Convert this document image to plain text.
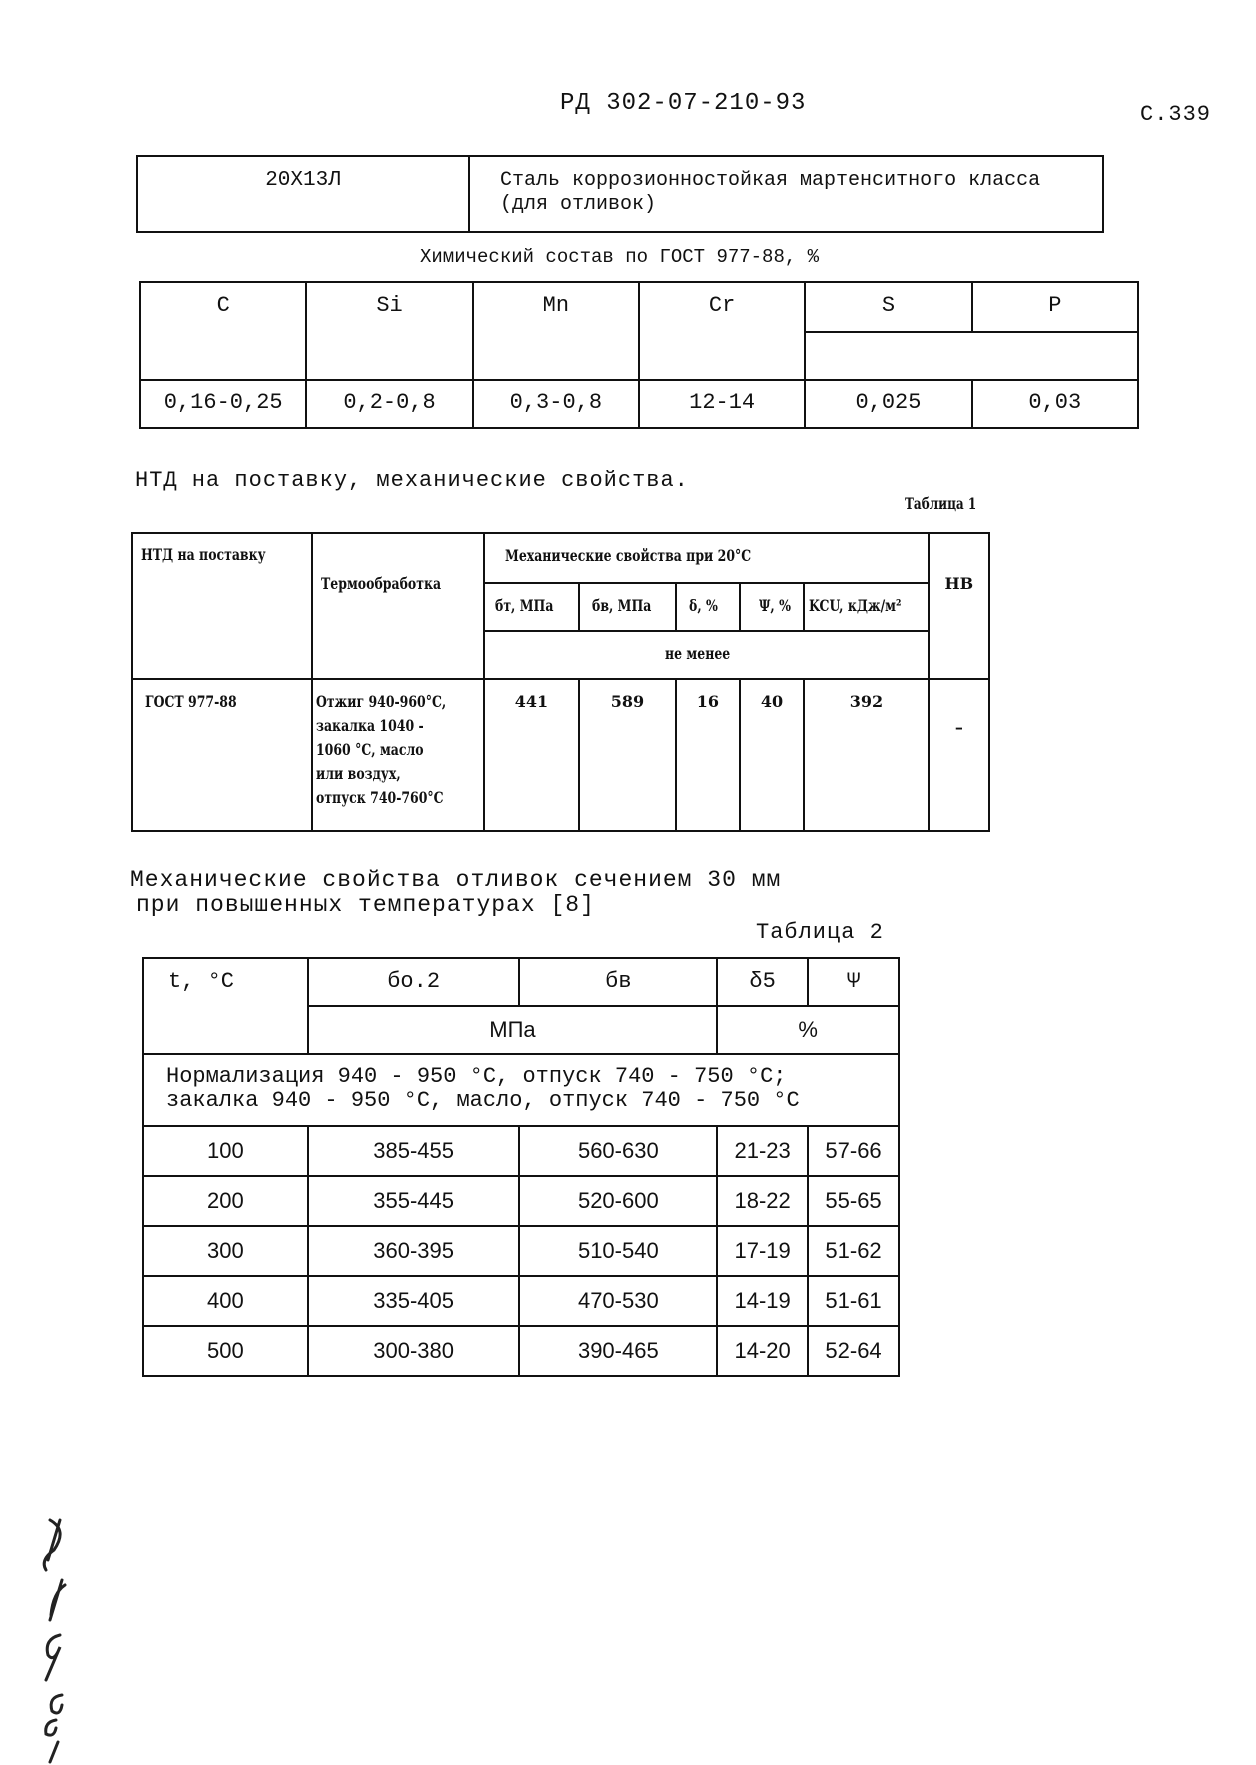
РД 302-07-210-93	С.339
20Х13Л	Сталь коррозионностойкая мартенситного класса
(для отливок)
Химический состав по ГОСТ 977-88, %
C	Si	Mn	Cr	S	P

0,16-0,25	0,2-0,8	0,3-0,8	12-14	0,025	0,03
НТД на поставку, механические свойства.
Таблица 1
НТД на поставку	Термообработка	Механические свойства при 20°С					НВ

		бт, МПа	бв, МПа	δ, %	Ψ, %	KCU, кДж/м²	

		не менее					

ГОСТ 977-88	Отжиг 940-960°С,
закалка 1040 -
1060 °С, масло
или воздух,
отпуск 740-760°С	441	589	16	40	392	–
Механические свойства отливок сечением 30 мм
при повышенных температурах [8]
Таблица 2
t, °С	бо.2	бв	δ5	Ψ

	МПа		%	

Нормализация 940 - 950 °С, отпуск 740 - 750 °С;
закалка 940 - 950 °С, масло, отпуск 740 - 750 °С				

100	385-455	560-630	21-23	57-66
200	355-445	520-600	18-22	55-65
300	360-395	510-540	17-19	51-62
400	335-405	470-530	14-19	51-61
500	300-380	390-465	14-20	52-64
